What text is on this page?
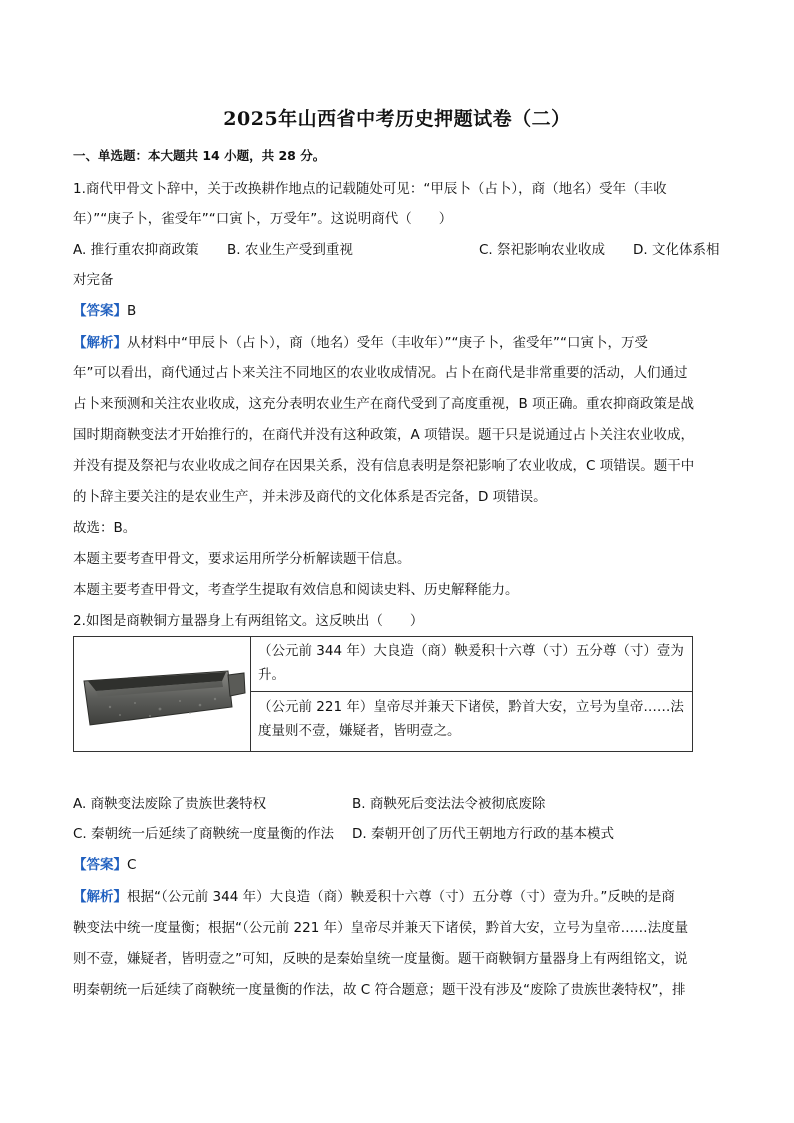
2025年山西省中考历史押题试卷（二）
一、单选题：本大题共 14 小题，共 28 分。
1.商代甲骨文卜辞中，关于改换耕作地点的记载随处可见：“甲辰卜（占卜），商（地名）受年（丰收
年）”“庚子卜，雀受年”“口寅卜，万受年”。这说明商代（　　）
A. 推行重农抑商政策 B. 农业生产受到重视	C. 祭祀影响农业收成 D. 文化体系相
对完备
【答案】B
【解析】从材料中“甲辰卜（占卜），商（地名）受年（丰收年）”“庚子卜，雀受年”“口寅卜，万受
年”可以看出，商代通过占卜来关注不同地区的农业收成情况。占卜在商代是非常重要的活动，人们通过
占卜来预测和关注农业收成，这充分表明农业生产在商代受到了高度重视，B 项正确。重农抑商政策是战
国时期商鞅变法才开始推行的，在商代并没有这种政策，A 项错误。题干只是说通过占卜关注农业收成，
并没有提及祭祀与农业收成之间存在因果关系，没有信息表明是祭祀影响了农业收成，C 项错误。题干中
的卜辞主要关注的是农业生产，并未涉及商代的文化体系是否完备，D 项错误。
故选：B。
本题主要考查甲骨文，要求运用所学分析解读题干信息。
本题主要考查甲骨文，考查学生提取有效信息和阅读史料、历史解释能力。
2.如图是商鞅铜方量器身上有两组铭文。这反映出（　　）
（公元前 344 年）大良造（商）鞅爰积十六尊（寸）五分尊（寸）壹为升。
（公元前 221 年）皇帝尽并兼天下诸侯，黔首大安，立号为皇帝……法度量则不壹，嫌疑者，皆明壹之。
A. 商鞅变法废除了贵族世袭特权	B. 商鞅死后变法法令被彻底废除
C. 秦朝统一后延续了商鞅统一度量衡的作法 D. 秦朝开创了历代王朝地方行政的基本模式
【答案】C
【解析】根据“（公元前 344 年）大良造（商）鞅爰积十六尊（寸）五分尊（寸）壹为升。”反映的是商
鞅变法中统一度量衡；根据“（公元前 221 年）皇帝尽并兼天下诸侯，黔首大安，立号为皇帝……法度量
则不壹，嫌疑者，皆明壹之”可知，反映的是秦始皇统一度量衡。题干商鞅铜方量器身上有两组铭文，说
明秦朝统一后延续了商鞅统一度量衡的作法，故 C 符合题意；题干没有涉及“废除了贵族世袭特权”，排
